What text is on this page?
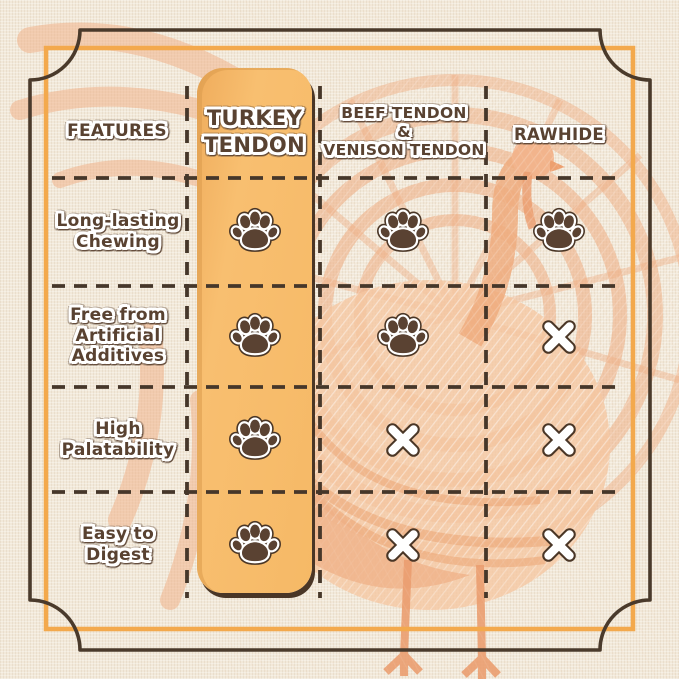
FEATURES
TURKEY
TENDON
BEEF TENDON
&
VENISON TENDON
RAWHIDE
Long-lasting
Chewing
Free from
Artificial
Additives
High
Palatability
Easy to
Digest
